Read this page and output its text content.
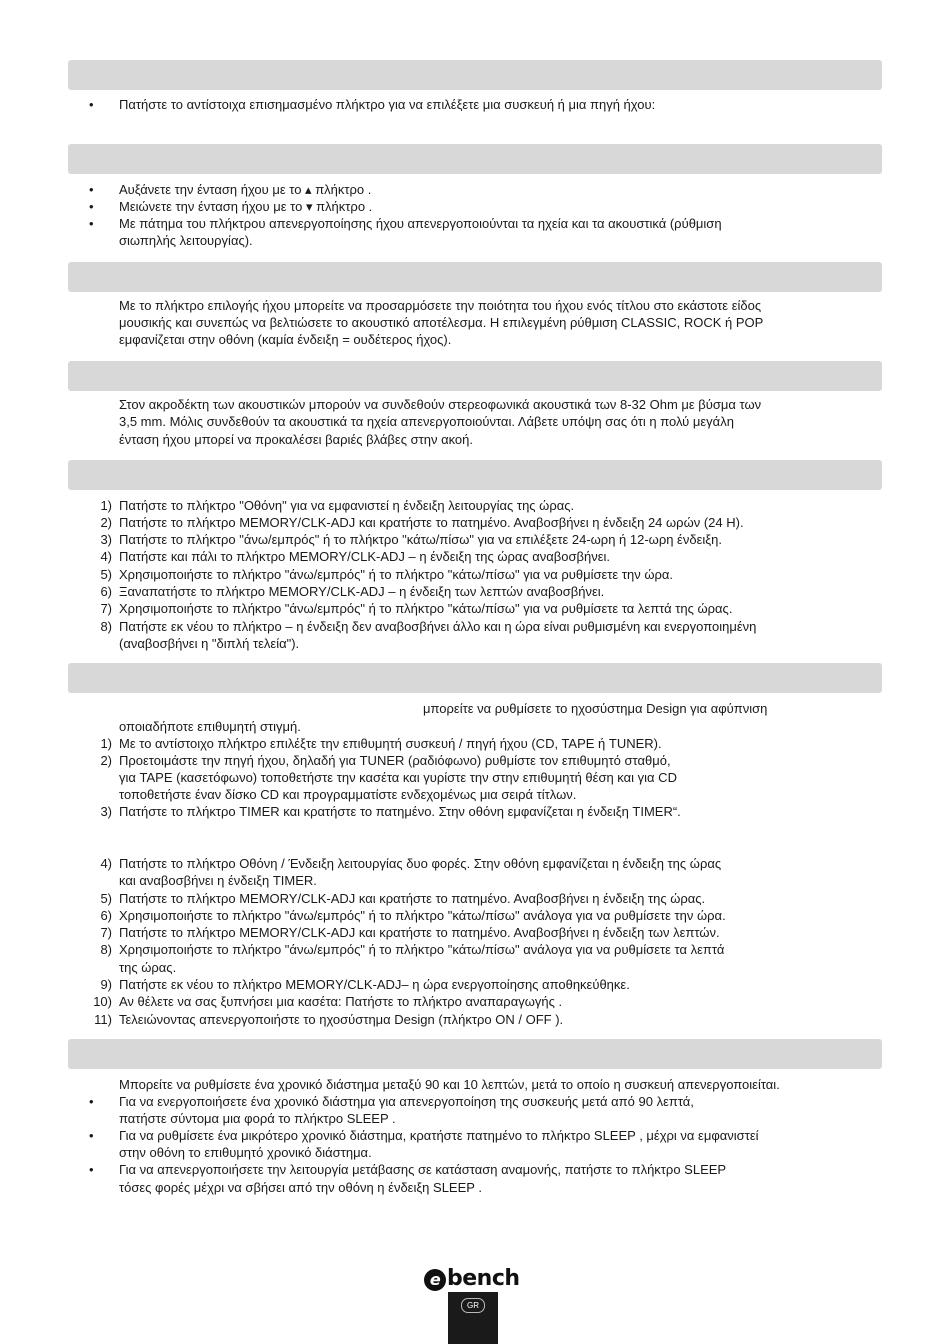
• Πατήστε το αντίστοιχα επισημασμένο πλήκτρο για να επιλέξετε μια συσκευή ή μια πηγή ήχου:
• Αυξάνετε την ένταση ήχου με το ▴ πλήκτρο .
• Μειώνετε την ένταση ήχου με το ▾ πλήκτρο .
• Με πάτημα του πλήκτρου απενεργοποίησης ήχου απενεργοποιούνται τα ηχεία και τα ακουστικά (ρύθμιση
σιωπηλής λειτουργίας).
Με το πλήκτρο επιλογής ήχου μπορείτε να προσαρμόσετε την ποιότητα του ήχου ενός τίτλου στο εκάστοτε είδος
μουσικής και συνεπώς να βελτιώσετε το ακουστικό αποτέλεσμα. Η επιλεγμένη ρύθμιση CLASSIC, ROCK ή POP
εμφανίζεται στην οθόνη (καμία ένδειξη = ουδέτερος ήχος).
Στον ακροδέκτη των ακουστικών μπορούν να συνδεθούν στερεοφωνικά ακουστικά των 8-32 Ohm με βύσμα των
3,5 mm. Μόλις συνδεθούν τα ακουστικά τα ηχεία απενεργοποιούνται. Λάβετε υπόψη σας ότι η πολύ μεγάλη
ένταση ήχου μπορεί να προκαλέσει βαριές βλάβες στην ακοή.
1) Πατήστε το πλήκτρο "Οθόνη" για να εμφανιστεί η ένδειξη λειτουργίας της ώρας.
2) Πατήστε το πλήκτρο MEMORY/CLK-ADJ και κρατήστε το πατημένο. Αναβοσβήνει η ένδειξη 24 ωρών (24 H).
3) Πατήστε το πλήκτρο "άνω/εμπρός" ή το πλήκτρο "κάτω/πίσω" για να επιλέξετε 24-ωρη ή 12-ωρη ένδειξη.
4) Πατήστε και πάλι το πλήκτρο MEMORY/CLK-ADJ – η ένδειξη της ώρας αναβοσβήνει.
5) Χρησιμοποιήστε το πλήκτρο "άνω/εμπρός" ή το πλήκτρο "κάτω/πίσω" για να ρυθμίσετε την ώρα.
6) Ξαναπατήστε το πλήκτρο MEMORY/CLK-ADJ – η ένδειξη των λεπτών αναβοσβήνει.
7) Χρησιμοποιήστε το πλήκτρο "άνω/εμπρός" ή το πλήκτρο "κάτω/πίσω" για να ρυθμίσετε τα λεπτά της ώρας.
8) Πατήστε εκ νέου το πλήκτρο – η ένδειξη δεν αναβοσβήνει άλλο και η ώρα είναι ρυθμισμένη και ενεργοποιημένη
(αναβοσβήνει η "διπλή τελεία").
μπορείτε να ρυθμίσετε το ηχοσύστημα Design για αφύπνιση
οποιαδήποτε επιθυμητή στιγμή.
1) Με το αντίστοιχο πλήκτρο επιλέξτε την επιθυμητή συσκευή / πηγή ήχου (CD, TAPE ή TUNER).
2) Προετοιμάστε την πηγή ήχου, δηλαδή για TUNER (ραδιόφωνο) ρυθμίστε τον επιθυμητό σταθμό,
για TAPE (κασετόφωνο) τοποθετήστε την κασέτα και γυρίστε την στην επιθυμητή θέση και για CD
τοποθετήστε έναν δίσκο CD και προγραμματίστε ενδεχομένως μια σειρά τίτλων.
3) Πατήστε το πλήκτρο TIMER και κρατήστε το πατημένο. Στην οθόνη εμφανίζεται η ένδειξη TIMER“.
4) Πατήστε το πλήκτρο Οθόνη / Ένδειξη λειτουργίας δυο φορές. Στην οθόνη εμφανίζεται η ένδειξη της ώρας
και αναβοσβήνει η ένδειξη TIMER.
5) Πατήστε το πλήκτρο MEMORY/CLK-ADJ και κρατήστε το πατημένο. Αναβοσβήνει η ένδειξη της ώρας.
6) Χρησιμοποιήστε το πλήκτρο "άνω/εμπρός" ή το πλήκτρο "κάτω/πίσω" ανάλογα για να ρυθμίσετε την ώρα.
7) Πατήστε το πλήκτρο MEMORY/CLK-ADJ και κρατήστε το πατημένο. Αναβοσβήνει η ένδειξη των λεπτών.
8) Χρησιμοποιήστε το πλήκτρο "άνω/εμπρός" ή το πλήκτρο "κάτω/πίσω" ανάλογα για να ρυθμίσετε τα λεπτά
της ώρας.
9) Πατήστε εκ νέου το πλήκτρο MEMORY/CLK-ADJ– η ώρα ενεργοποίησης αποθηκεύθηκε.
10) Αν θέλετε να σας ξυπνήσει μια κασέτα: Πατήστε το πλήκτρο αναπαραγωγής .
11) Τελειώνοντας απενεργοποιήστε το ηχοσύστημα Design (πλήκτρο ON / OFF ).
Μπορείτε να ρυθμίσετε ένα χρονικό διάστημα μεταξύ 90 και 10 λεπτών, μετά το οποίο η συσκευή απενεργοποιείται.
• Για να ενεργοποιήσετε ένα χρονικό διάστημα για απενεργοποίηση της συσκευής μετά από 90 λεπτά,
πατήστε σύντομα μια φορά το πλήκτρο SLEEP .
• Για να ρυθμίσετε ένα μικρότερο χρονικό διάστημα, κρατήστε πατημένο το πλήκτρο SLEEP , μέχρι να εμφανιστεί
στην οθόνη το επιθυμητό χρονικό διάστημα.
• Για να απενεργοποιήσετε την λειτουργία μετάβασης σε κατάσταση αναμονής, πατήστε το πλήκτρο SLEEP
τόσες φορές μέχρι να σβήσει από την οθόνη η ένδειξη SLEEP .
e bench
GR
